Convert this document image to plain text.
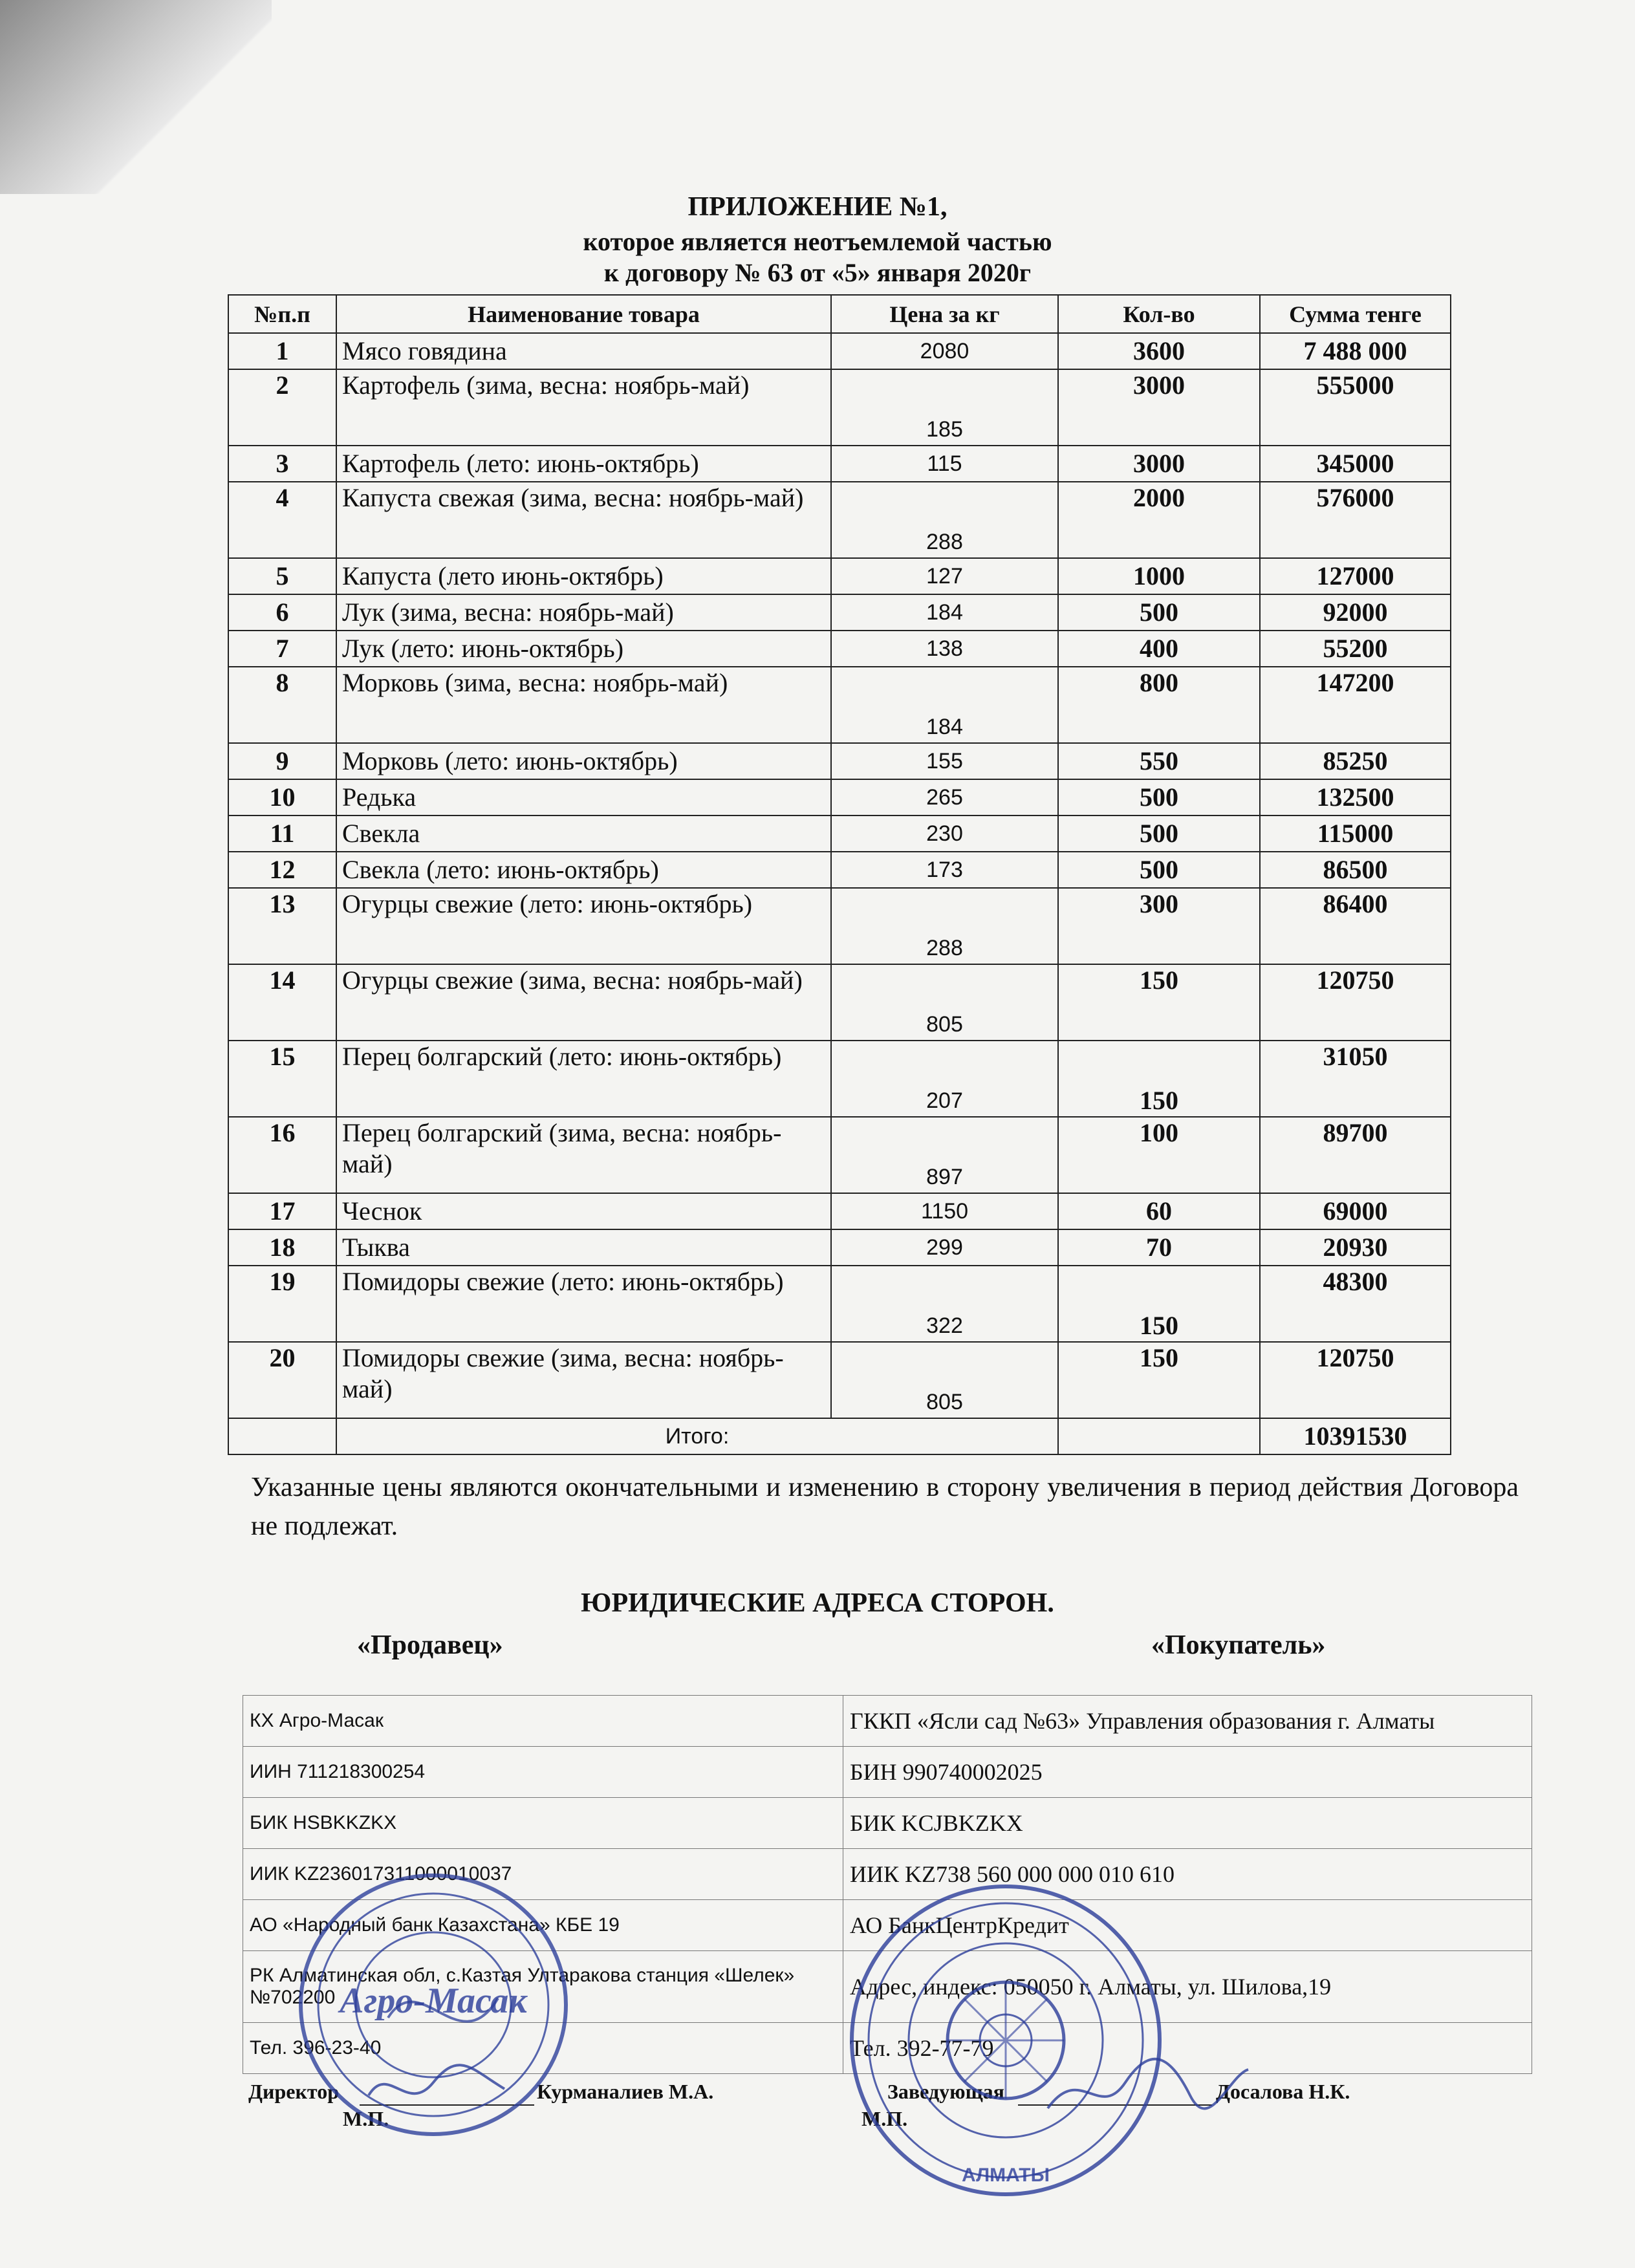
ПРИЛОЖЕНИЕ №1,
которое является неотъемлемой частью
к договору № 63 от «5» января 2020г
№п.п	Наименование товара	Цена за кг	Кол-во	Сумма тенге
1	Мясо говядина	2080	3600	7 488 000
2	Картофель (зима, весна: ноябрь-май)	185	3000	555000
3	Картофель (лето: июнь-октябрь)	115	3000	345000
4	Капуста свежая (зима, весна: ноябрь-май)	288	2000	576000
5	Капуста (лето июнь-октябрь)	127	1000	127000
6	Лук (зима, весна: ноябрь-май)	184	500	92000
7	Лук (лето: июнь-октябрь)	138	400	55200
8	Морковь (зима, весна: ноябрь-май)	184	800	147200
9	Морковь (лето: июнь-октябрь)	155	550	85250
10	Редька	265	500	132500
11	Свекла	230	500	115000
12	Свекла (лето: июнь-октябрь)	173	500	86500
13	Огурцы свежие (лето: июнь-октябрь)	288	300	86400
14	Огурцы свежие (зима, весна: ноябрь-май)	805	150	120750
15	Перец болгарский (лето: июнь-октябрь)	207	150	31050
16	Перец болгарский (зима, весна: ноябрь-май)	897	100	89700
17	Чеснок	1150	60	69000
18	Тыква	299	70	20930
19	Помидоры свежие (лето: июнь-октябрь)	322	150	48300
20	Помидоры свежие (зима, весна: ноябрь-май)	805	150	120750
	Итого:			10391530
Указанные цены являются окончательными и изменению в сторону увеличения в период действия Договора не подлежат.
ЮРИДИЧЕСКИЕ АДРЕСА СТОРОН.
«Продавец»	«Покупатель»
КХ Агро-Масак	ГККП «Ясли сад №63» Управления образования г. Алматы
ИИН 711218300254	БИН 990740002025
БИК HSBKKZKX	БИК KCJBKZKX
ИИК KZ236017311000010037	ИИК KZ738 560 000 000 010 610
АО «Народный банк Казахстана» КБЕ 19	АО БанкЦентрКредит
РК Алматинская обл, с.Казтая Ултаракова станция «Шелек» №702200	Адрес, индекс: 050050 г. Алматы, ул. Шилова,19
Тел. 396-23-40	Тел. 392-77-79
Директор	Курманалиев М.А.
М.П.
Заведующая	Досалова Н.К.
М.П.
Агро-Масак
АЛМАТЫ
